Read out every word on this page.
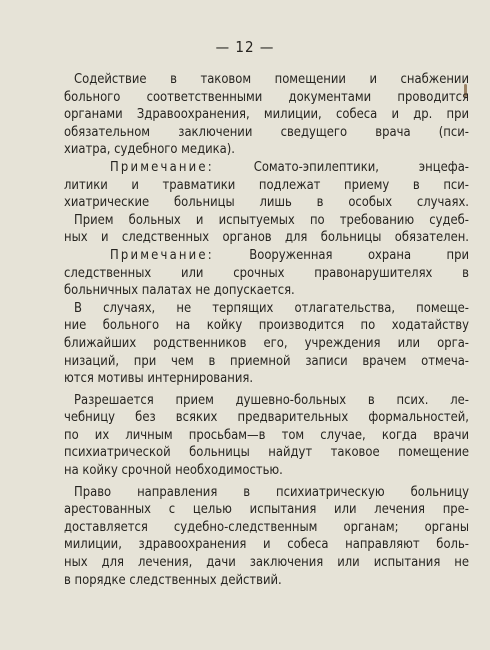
— 12 —
Содействие в таковом помещении и снабжении
больного соответственными документами проводится
органами Здравоохранения, милиции, собеса и др. при
обязательном заключении сведущего врача (пси-
хиатра, судебного медика).
Примечание: Сомато-эпилептики, энцефа-
литики и травматики подлежат приему в пси-
хиатрические больницы лишь в особых случаях.
Прием больных и испытуемых по требованию судеб-
ных и следственных органов для больницы обязателен.
Примечание: Вооруженная охрана при
следственных или срочных правонарушителях в
больничных палатах не допускается.
В случаях, не терпящих отлагательства, помеще-
ние больного на койку производится по ходатайству
ближайших родственников его, учреждения или орга-
низаций, при чем в приемной записи врачем отмеча-
ются мотивы интернирования.
Разрешается прием душевно-больных в псих. ле-
чебницу без всяких предварительных формальностей,
по их личным просьбам—в том случае, когда врачи
психиатрической больницы найдут таковое помещение
на койку срочной необходимостью.
Право направления в психиатрическую больницу
арестованных с целью испытания или лечения пре-
доставляется судебно-следственным органам; органы
милиции, здравоохранения и собеса направляют боль-
ных для лечения, дачи заключения или испытания не
в порядке следственных действий.
